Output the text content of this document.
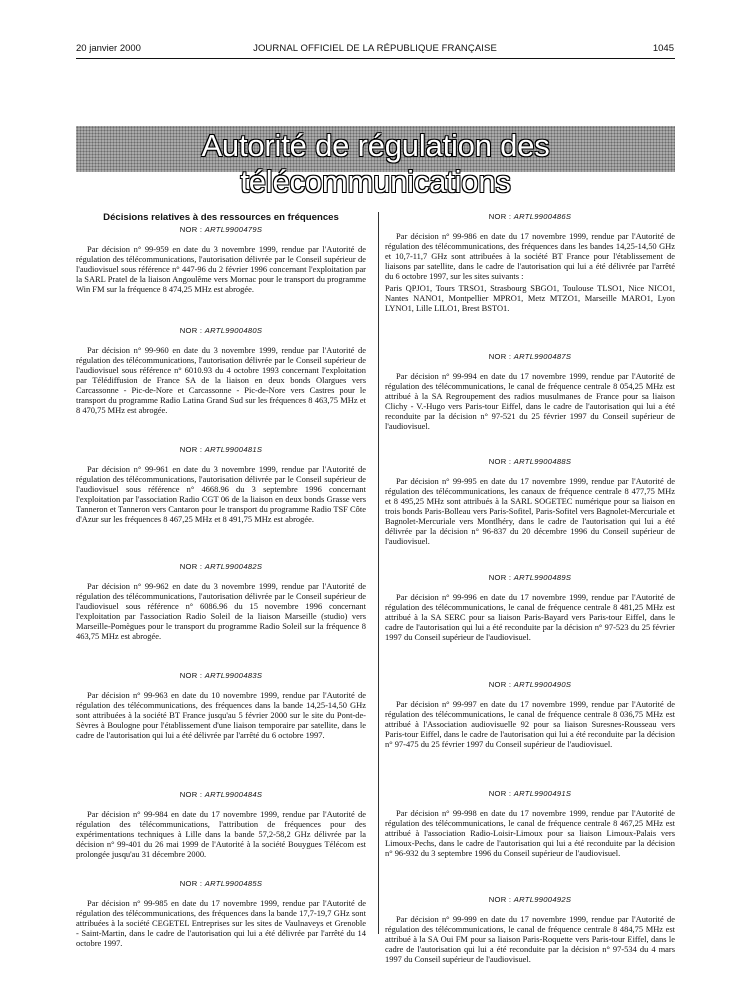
20 janvier 2000	JOURNAL OFFICIEL DE LA RÉPUBLIQUE FRANÇAISE	1045
Autorité de régulation des télécommunications
Décisions relatives à des ressources en fréquences
NOR : ARTL9900479S

Par décision n° 99-959 en date du 3 novembre 1999, rendue par l'Autorité de régulation des télécommunications, l'autorisation délivrée par le Conseil supérieur de l'audiovisuel sous référence n° 447-96 du 2 février 1996 concernant l'exploitation par la SARL Pratel de la liaison Angoulême vers Mornac pour le transport du programme Win FM sur la fréquence 8 474,25 MHz est abrogée.

NOR : ARTL9900480S

Par décision n° 99-960 en date du 3 novembre 1999, rendue par l'Autorité de régulation des télécommunications, l'autorisation délivrée par le Conseil supérieur de l'audiovisuel sous référence n° 6010.93 du 4 octobre 1993 concernant l'exploitation par Télédiffusion de France SA de la liaison en deux bonds Olargues vers Carcassonne - Pic-de-Nore et Carcassonne - Pic-de-Nore vers Castres pour le transport du programme Radio Latina Grand Sud sur les fréquences 8 463,75 MHz et 8 470,75 MHz est abrogée.

NOR : ARTL9900481S

Par décision n° 99-961 en date du 3 novembre 1999, rendue par l'Autorité de régulation des télécommunications, l'autorisation délivrée par le Conseil supérieur de l'audiovisuel sous référence n° 4668.96 du 3 septembre 1996 concernant l'exploitation par l'association Radio CGT 06 de la liaison en deux bonds Grasse vers Tanneron et Tanneron vers Cantaron pour le transport du programme Radio TSF Côte d'Azur sur les fréquences 8 467,25 MHz et 8 491,75 MHz est abrogée.

NOR : ARTL9900482S

Par décision n° 99-962 en date du 3 novembre 1999, rendue par l'Autorité de régulation des télécommunications, l'autorisation délivrée par le Conseil supérieur de l'audiovisuel sous référence n° 6086.96 du 15 novembre 1996 concernant l'exploitation par l'association Radio Soleil de la liaison Marseille (studio) vers Marseille-Pomègues pour le transport du programme Radio Soleil sur la fréquence 8 463,75 MHz est abrogée.

NOR : ARTL9900483S

Par décision n° 99-963 en date du 10 novembre 1999, rendue par l'Autorité de régulation des télécommunications, des fréquences dans la bande 14,25-14,50 GHz sont attribuées à la société BT France jusqu'au 5 février 2000 sur le site du Pont-de-Sèvres à Boulogne pour l'établissement d'une liaison temporaire par satellite, dans le cadre de l'autorisation qui lui a été délivrée par l'arrêté du 6 octobre 1997.

NOR : ARTL9900484S

Par décision n° 99-984 en date du 17 novembre 1999, rendue par l'Autorité de régulation des télécommunications, l'attribution de fréquences pour des expérimentations techniques à Lille dans la bande 57,2-58,2 GHz délivrée par la décision n° 99-401 du 26 mai 1999 de l'Autorité à la société Bouygues Télécom est prolongée jusqu'au 31 décembre 2000.

NOR : ARTL9900485S

Par décision n° 99-985 en date du 17 novembre 1999, rendue par l'Autorité de régulation des télécommunications, des fréquences dans la bande 17,7-19,7 GHz sont attribuées à la société CEGETEL Entreprises sur les sites de Vaulnaveys et Grenoble - Saint-Martin, dans le cadre de l'autorisation qui lui a été délivrée par l'arrêté du 14 octobre 1997.

NOR : ARTL9900486S

Par décision n° 99-986 en date du 17 novembre 1999, rendue par l'Autorité de régulation des télécommunications, des fréquences dans les bandes 14,25-14,50 GHz et 10,7-11,7 GHz sont attribuées à la société BT France pour l'établissement de liaisons par satellite, dans le cadre de l'autorisation qui lui a été délivrée par l'arrêté du 6 octobre 1997, sur les sites suivants :

Paris QPJO1, Tours TRSO1, Strasbourg SBGO1, Toulouse TLSO1, Nice NICO1, Nantes NANO1, Montpellier MPRO1, Metz MTZO1, Marseille MARO1, Lyon LYNO1, Lille LILO1, Brest BSTO1.

NOR : ARTL9900487S

Par décision n° 99-994 en date du 17 novembre 1999, rendue par l'Autorité de régulation des télécommunications, le canal de fréquence centrale 8 054,25 MHz est attribué à la SA Regroupement des radios musulmanes de France pour sa liaison Clichy - V.-Hugo vers Paris-tour Eiffel, dans le cadre de l'autorisation qui lui a été reconduite par la décision n° 97-521 du 25 février 1997 du Conseil supérieur de l'audiovisuel.

NOR : ARTL9900488S

Par décision n° 99-995 en date du 17 novembre 1999, rendue par l'Autorité de régulation des télécommunications, les canaux de fréquence centrale 8 477,75 MHz et 8 495,25 MHz sont attribués à la SARL SOGETEC numérique pour sa liaison en trois bonds Paris-Bolleau vers Paris-Sofitel, Paris-Sofitel vers Bagnolet-Mercuriale et Bagnolet-Mercuriale vers Montlhéry, dans le cadre de l'autorisation qui lui a été délivrée par la décision n° 96-837 du 20 décembre 1996 du Conseil supérieur de l'audiovisuel.

NOR : ARTL9900489S

Par décision n° 99-996 en date du 17 novembre 1999, rendue par l'Autorité de régulation des télécommunications, le canal de fréquence centrale 8 481,25 MHz est attribué à la SA SERC pour sa liaison Paris-Bayard vers Paris-tour Eiffel, dans le cadre de l'autorisation qui lui a été reconduite par la décision n° 97-523 du 25 février 1997 du Conseil supérieur de l'audiovisuel.

NOR : ARTL9900490S

Par décision n° 99-997 en date du 17 novembre 1999, rendue par l'Autorité de régulation des télécommunications, le canal de fréquence centrale 8 036,75 MHz est attribué à l'Association audiovisuelle 92 pour sa liaison Suresnes-Rousseau vers Paris-tour Eiffel, dans le cadre de l'autorisation qui lui a été reconduite par la décision n° 97-475 du 25 février 1997 du Conseil supérieur de l'audiovisuel.

NOR : ARTL9900491S

Par décision n° 99-998 en date du 17 novembre 1999, rendue par l'Autorité de régulation des télécommunications, le canal de fréquence centrale 8 467,25 MHz est attribué à l'association Radio-Loisir-Limoux pour sa liaison Limoux-Palais vers Limoux-Pechs, dans le cadre de l'autorisation qui lui a été reconduite par la décision n° 96-932 du 3 septembre 1996 du Conseil supérieur de l'audiovisuel.

NOR : ARTL9900492S

Par décision n° 99-999 en date du 17 novembre 1999, rendue par l'Autorité de régulation des télécommunications, le canal de fréquence centrale 8 484,75 MHz est attribué à la SA Oui FM pour sa liaison Paris-Roquette vers Paris-tour Eiffel, dans le cadre de l'autorisation qui lui a été reconduite par la décision n° 97-534 du 4 mars 1997 du Conseil supérieur de l'audiovisuel.
